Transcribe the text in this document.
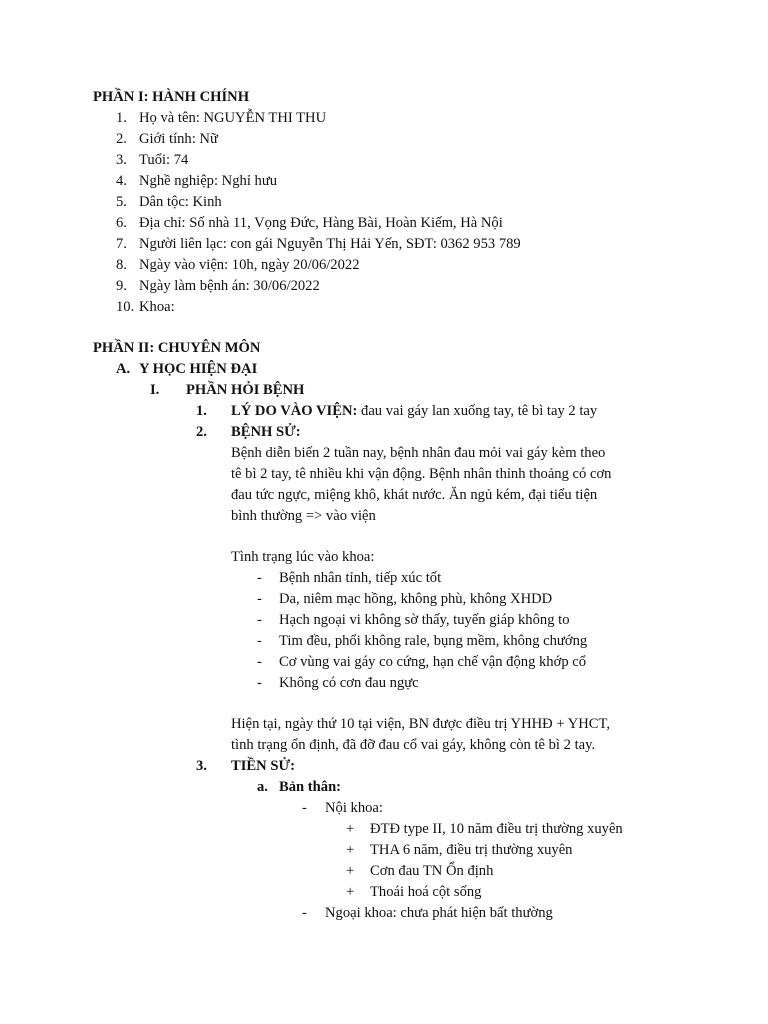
PHẦN I: HÀNH CHÍNH
1. Họ và tên: NGUYỄN THI THU
2. Giới tính: Nữ
3. Tuổi: 74
4. Nghề nghiệp: Nghỉ hưu
5. Dân tộc: Kinh
6. Địa chỉ: Số nhà 11, Vọng Đức, Hàng Bài, Hoàn Kiếm, Hà Nội
7. Người liên lạc: con gái Nguyễn Thị Hải Yến, SĐT: 0362 953 789
8. Ngày vào viện: 10h, ngày 20/06/2022
9. Ngày làm bệnh án: 30/06/2022
10. Khoa:
PHẦN II: CHUYÊN MÔN
A. Y HỌC HIỆN ĐẠI
I. PHẦN HỎI BỆNH
1. LÝ DO VÀO VIỆN: đau vai gáy lan xuống tay, tê bì tay 2 tay
2. BỆNH SỬ:
Bệnh diễn biến 2 tuần nay, bệnh nhân đau mỏi vai gáy kèm theo
tê bì 2 tay, tê nhiều khi vận động. Bệnh nhân thỉnh thoảng có cơn
đau tức ngực, miệng khô, khát nước. Ăn ngủ kém, đại tiểu tiện
bình thường => vào viện
Tình trạng lúc vào khoa:
- Bệnh nhân tỉnh, tiếp xúc tốt
- Da, niêm mạc hồng, không phù, không XHDD
- Hạch ngoại vi không sờ thấy, tuyến giáp không to
- Tim đều, phổi không rale, bụng mềm, không chướng
- Cơ vùng vai gáy co cứng, hạn chế vận động khớp cổ
- Không có cơn đau ngực
Hiện tại, ngày thứ 10 tại viện, BN được điều trị YHHĐ + YHCT,
tình trạng ổn định, đã đỡ đau cổ vai gáy, không còn tê bì 2 tay.
3. TIỀN SỬ:
a. Bản thân:
- Nội khoa:
+ ĐTĐ type II, 10 năm điều trị thường xuyên
+ THA 6 năm, điều trị thường xuyên
+ Cơn đau TN Ổn định
+ Thoái hoá cột sống
- Ngoại khoa: chưa phát hiện bất thường
